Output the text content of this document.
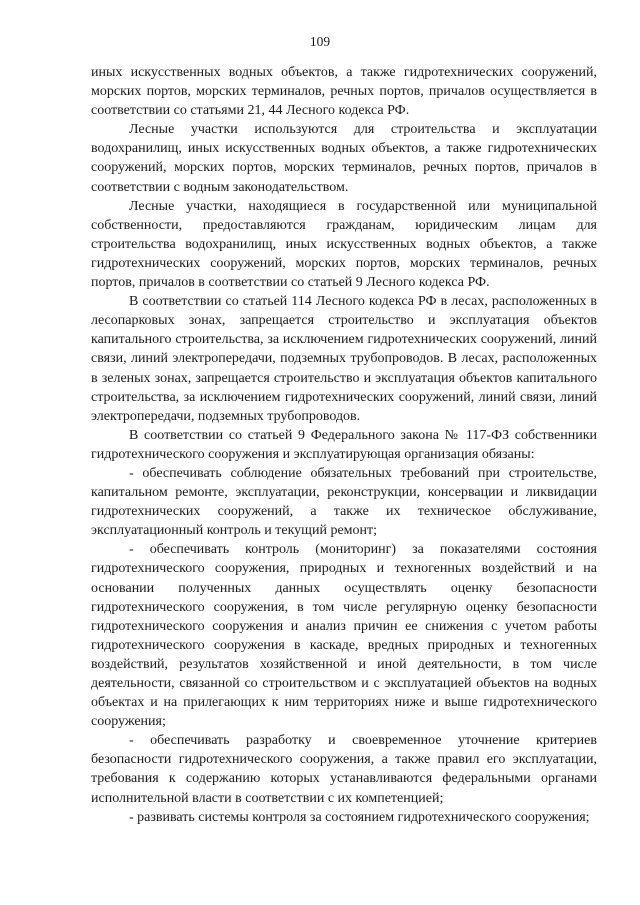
109

иных искусственных водных объектов, а также гидротехнических сооружений, морских портов, морских терминалов, речных портов, причалов осуществляется в соответствии со статьями 21, 44 Лесного кодекса РФ.

Лесные участки используются для строительства и эксплуатации водохранилищ, иных искусственных водных объектов, а также гидротехнических сооружений, морских портов, морских терминалов, речных портов, причалов в соответствии с водным законодательством.

Лесные участки, находящиеся в государственной или муниципальной собственности, предоставляются гражданам, юридическим лицам для строительства водохранилищ, иных искусственных водных объектов, а также гидротехнических сооружений, морских портов, морских терминалов, речных портов, причалов в соответствии со статьей 9 Лесного кодекса РФ.

В соответствии со статьей 114 Лесного кодекса РФ в лесах, расположенных в лесопарковых зонах, запрещается строительство и эксплуатация объектов капитального строительства, за исключением гидротехнических сооружений, линий связи, линий электропередачи, подземных трубопроводов. В лесах, расположенных в зеленых зонах, запрещается строительство и эксплуатация объектов капитального строительства, за исключением гидротехнических сооружений, линий связи, линий электропередачи, подземных трубопроводов.

В соответствии со статьей 9 Федерального закона № 117-ФЗ собственники гидротехнического сооружения и эксплуатирующая организация обязаны:

- обеспечивать соблюдение обязательных требований при строительстве, капитальном ремонте, эксплуатации, реконструкции, консервации и ликвидации гидротехнических сооружений, а также их техническое обслуживание, эксплуатационный контроль и текущий ремонт;

- обеспечивать контроль (мониторинг) за показателями состояния гидротехнического сооружения, природных и техногенных воздействий и на основании полученных данных осуществлять оценку безопасности гидротехнического сооружения, в том числе регулярную оценку безопасности гидротехнического сооружения и анализ причин ее снижения с учетом работы гидротехнического сооружения в каскаде, вредных природных и техногенных воздействий, результатов хозяйственной и иной деятельности, в том числе деятельности, связанной со строительством и с эксплуатацией объектов на водных объектах и на прилегающих к ним территориях ниже и выше гидротехнического сооружения;

- обеспечивать разработку и своевременное уточнение критериев безопасности гидротехнического сооружения, а также правил его эксплуатации, требования к содержанию которых устанавливаются федеральными органами исполнительной власти в соответствии с их компетенцией;

- развивать системы контроля за состоянием гидротехнического сооружения;
